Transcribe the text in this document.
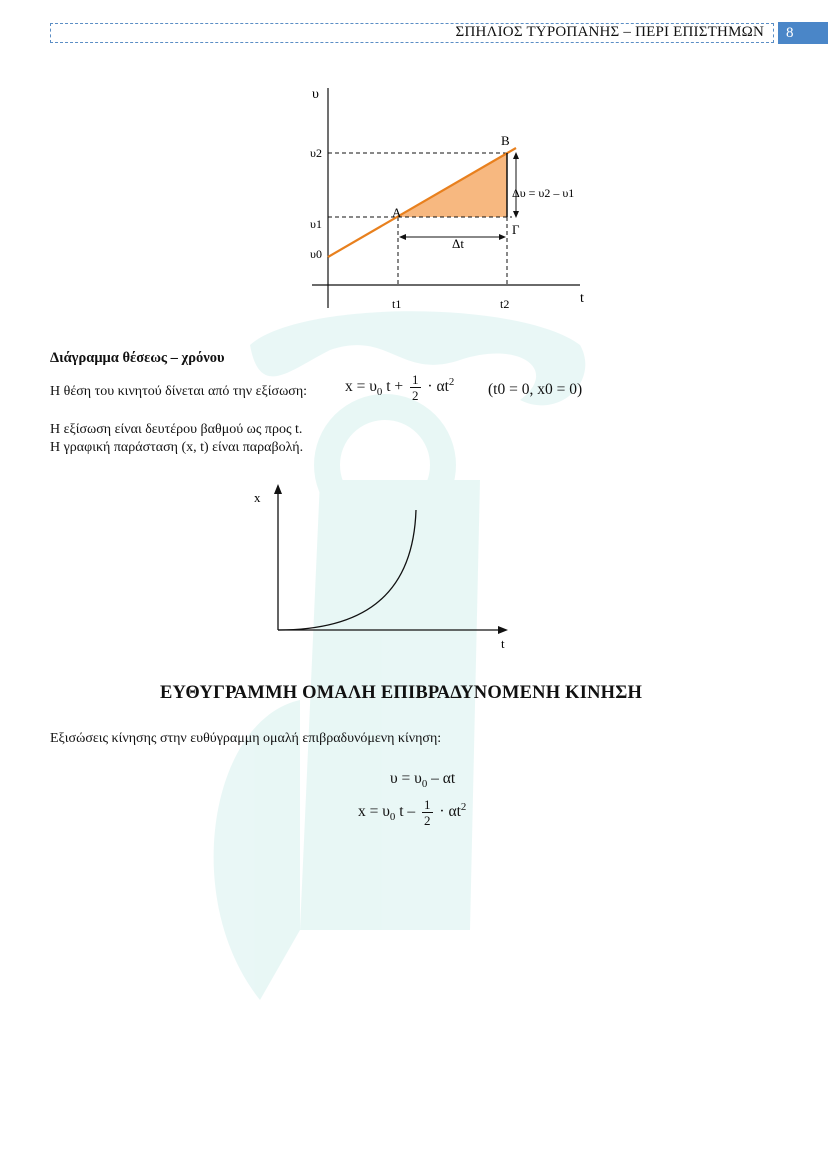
ΣΠΗΛΙΟΣ ΤΥΡΟΠΑΝΗΣ – ΠΕΡΙ ΕΠΙΣΤΗΜΩΝ	8
υ
t
υ2
υ1
υ0
t1	t2
A
B
Γ
Δυ = υ2 – υ1
Δt
Διάγραμμα θέσεως – χρόνου
Η θέση του κινητού δίνεται από την εξίσωση: $x = \upsilon_0$ $t + \frac{1}{2} \cdot \alpha t^2$ (t0 = 0, x0 = 0)
Η εξίσωση είναι δευτέρου βαθμού ως προς t.
Η γραφική παράσταση (x, t) είναι παραβολή.
x
t
ΕΥΘΥΓΡΑΜΜΗ ΟΜΑΛΗ ΕΠΙΒΡΑΔΥΝΟΜΕΝΗ ΚΙΝΗΣΗ
Εξισώσεις κίνησης στην ευθύγραμμη ομαλή επιβραδυνόμενη κίνηση:
$\upsilon = \upsilon_0 - \alpha t$
$x = \upsilon_0$ $t - \frac{1}{2} \cdot \alpha t^2$
